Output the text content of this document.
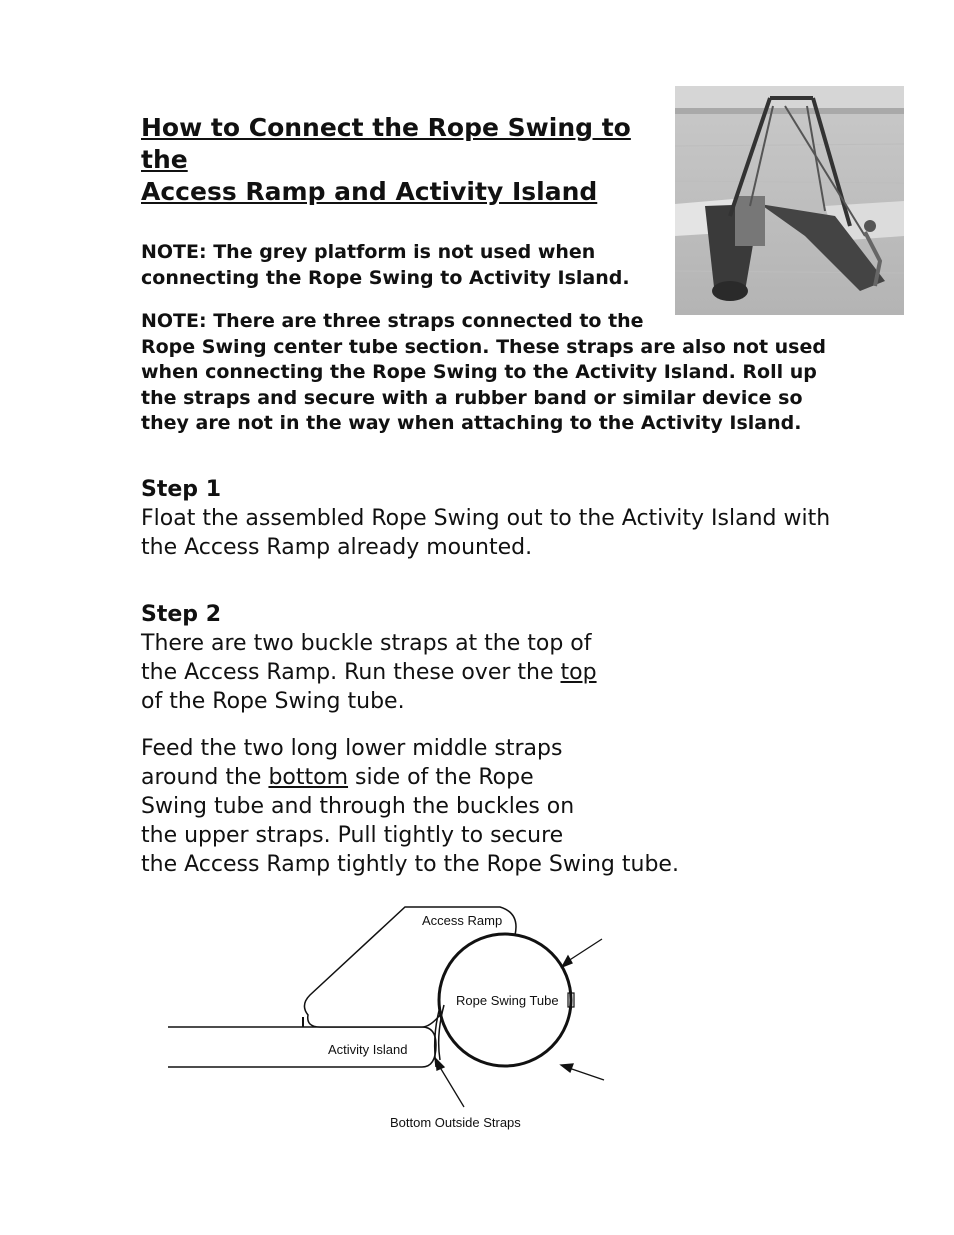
How to Connect the Rope Swing to the
Access Ramp and Activity Island
NOTE: The grey platform is not used when
connecting the Rope Swing to Activity Island.
NOTE: There are three straps connected to the
Rope Swing center tube section. These straps are also not used
when connecting the Rope Swing to the Activity Island. Roll up
the straps and secure with a rubber band or similar device so
they are not in the way when attaching to the Activity Island.
Step 1
Float the assembled Rope Swing out to the Activity Island with
the Access Ramp already mounted.
Step 2
There are two buckle straps at the top of
the Access Ramp. Run these over the top
of the Rope Swing tube.
Feed the two long lower middle straps
around the bottom side of the Rope
Swing tube and through the buckles on
the upper straps. Pull tightly to secure
the Access Ramp tightly to the Rope Swing tube.
Access Ramp
Rope Swing Tube
Activity Island
Bottom Outside Straps
